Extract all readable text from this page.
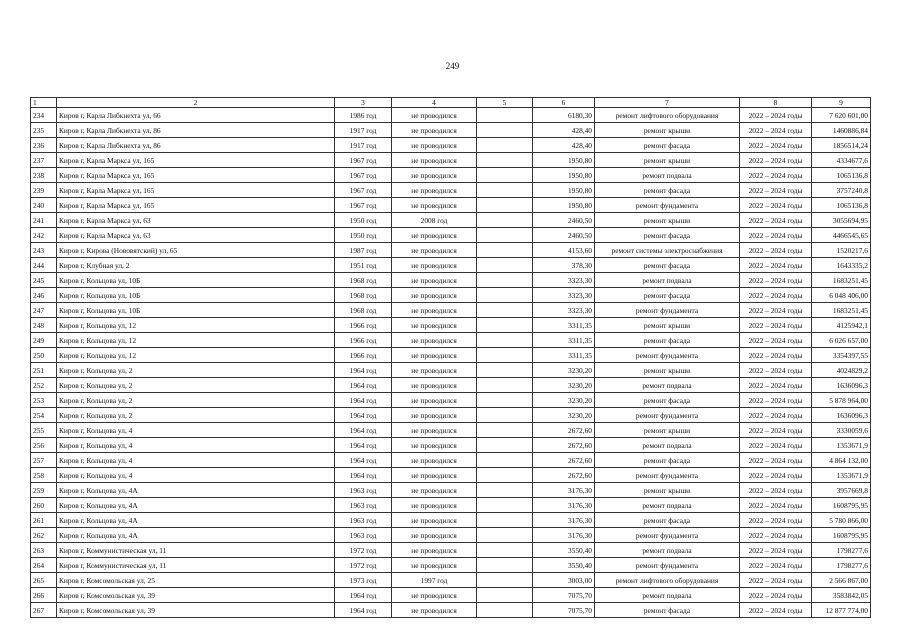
249
1	2	3	4	5	6	7	8	9
234	Киров г, Карла Либкнехта ул, 66	1986 год	не проводился		6180,30	ремонт лифтового оборудования	2022 – 2024 годы	7 620 601,00
235	Киров г, Карла Либкнехта ул, 86	1917 год	не проводился		428,40	ремонт крыши	2022 – 2024 годы	1460886,84
236	Киров г, Карла Либкнехта ул, 86	1917 год	не проводился		428,40	ремонт фасада	2022 – 2024 годы	1856514,24
237	Киров г, Карла Маркса ул, 165	1967 год	не проводился		1950,80	ремонт крыши	2022 – 2024 годы	4334677,6
238	Киров г, Карла Маркса ул, 165	1967 год	не проводился		1950,80	ремонт подвала	2022 – 2024 годы	1065136,8
239	Киров г, Карла Маркса ул, 165	1967 год	не проводился		1950,80	ремонт фасада	2022 – 2024 годы	3757240,8
240	Киров г, Карла Маркса ул, 165	1967 год	не проводился		1950,80	ремонт фундамента	2022 – 2024 годы	1065136,8
241	Киров г, Карла Маркса ул, 63	1950 год	2008 год		2460,50	ремонт крыши	2022 – 2024 годы	3055694,95
242	Киров г, Карла Маркса ул, 63	1950 год	не проводился		2460,50	ремонт фасада	2022 – 2024 годы	4466545,65
243	Киров г, Кирова (Нововятский) ул, 65	1987 год	не проводился		4153,60	ремонт системы электроснабжения	2022 – 2024 годы	1520217,6
244	Киров г, Клубная ул, 2	1951 год	не проводился		378,30	ремонт фасада	2022 – 2024 годы	1643335,2
245	Киров г, Кольцова ул, 10Б	1968 год	не проводился		3323,30	ремонт подвала	2022 – 2024 годы	1683251,45
246	Киров г, Кольцова ул, 10Б	1968 год	не проводился		3323,30	ремонт фасада	2022 – 2024 годы	6 048 406,00
247	Киров г, Кольцова ул, 10Б	1968 год	не проводился		3323,30	ремонт фундамента	2022 – 2024 годы	1683251,45
248	Киров г, Кольцова ул, 12	1966 год	не проводился		3311,35	ремонт крыши	2022 – 2024 годы	4125942,1
249	Киров г, Кольцова ул, 12	1966 год	не проводился		3311,35	ремонт фасада	2022 – 2024 годы	6 026 657,00
250	Киров г, Кольцова ул, 12	1966 год	не проводился		3311,35	ремонт фундамента	2022 – 2024 годы	3354397,55
251	Киров г, Кольцова ул, 2	1964 год	не проводился		3230,20	ремонт крыши	2022 – 2024 годы	4024829,2
252	Киров г, Кольцова ул, 2	1964 год	не проводился		3230,20	ремонт подвала	2022 – 2024 годы	1636096,3
253	Киров г, Кольцова ул, 2	1964 год	не проводился		3230,20	ремонт фасада	2022 – 2024 годы	5 878 964,00
254	Киров г, Кольцова ул, 2	1964 год	не проводился		3230,20	ремонт фундамента	2022 – 2024 годы	1636096,3
255	Киров г, Кольцова ул, 4	1964 год	не проводился		2672,60	ремонт крыши	2022 – 2024 годы	3330059,6
256	Киров г, Кольцова ул, 4	1964 год	не проводился		2672,60	ремонт подвала	2022 – 2024 годы	1353671,9
257	Киров г, Кольцова ул, 4	1964 год	не проводился		2672,60	ремонт фасада	2022 – 2024 годы	4 864 132,00
258	Киров г, Кольцова ул, 4	1964 год	не проводился		2672,60	ремонт фундамента	2022 – 2024 годы	1353671,9
259	Киров г, Кольцова ул, 4А	1963 год	не проводился		3176,30	ремонт крыши	2022 – 2024 годы	3957669,8
260	Киров г, Кольцова ул, 4А	1963 год	не проводился		3176,30	ремонт подвала	2022 – 2024 годы	1608795,95
261	Киров г, Кольцова ул, 4А	1963 год	не проводился		3176,30	ремонт фасада	2022 – 2024 годы	5 780 866,00
262	Киров г, Кольцова ул, 4А	1963 год	не проводился		3176,30	ремонт фундамента	2022 – 2024 годы	1608795,95
263	Киров г, Коммунистическая ул, 11	1972 год	не проводился		3550,40	ремонт подвала	2022 – 2024 годы	1798277,6
264	Киров г, Коммунистическая ул, 11	1972 год	не проводился		3550,40	ремонт фундамента	2022 – 2024 годы	1798277,6
265	Киров г, Комсомольская ул, 25	1973 год	1997 год		3003,00	ремонт лифтового оборудования	2022 – 2024 годы	2 566 867,00
266	Киров г, Комсомольская ул, 39	1964 год	не проводился		7075,70	ремонт подвала	2022 – 2024 годы	3583842,05
267	Киров г, Комсомольская ул, 39	1964 год	не проводился		7075,70	ремонт фасада	2022 – 2024 годы	12 877 774,00
